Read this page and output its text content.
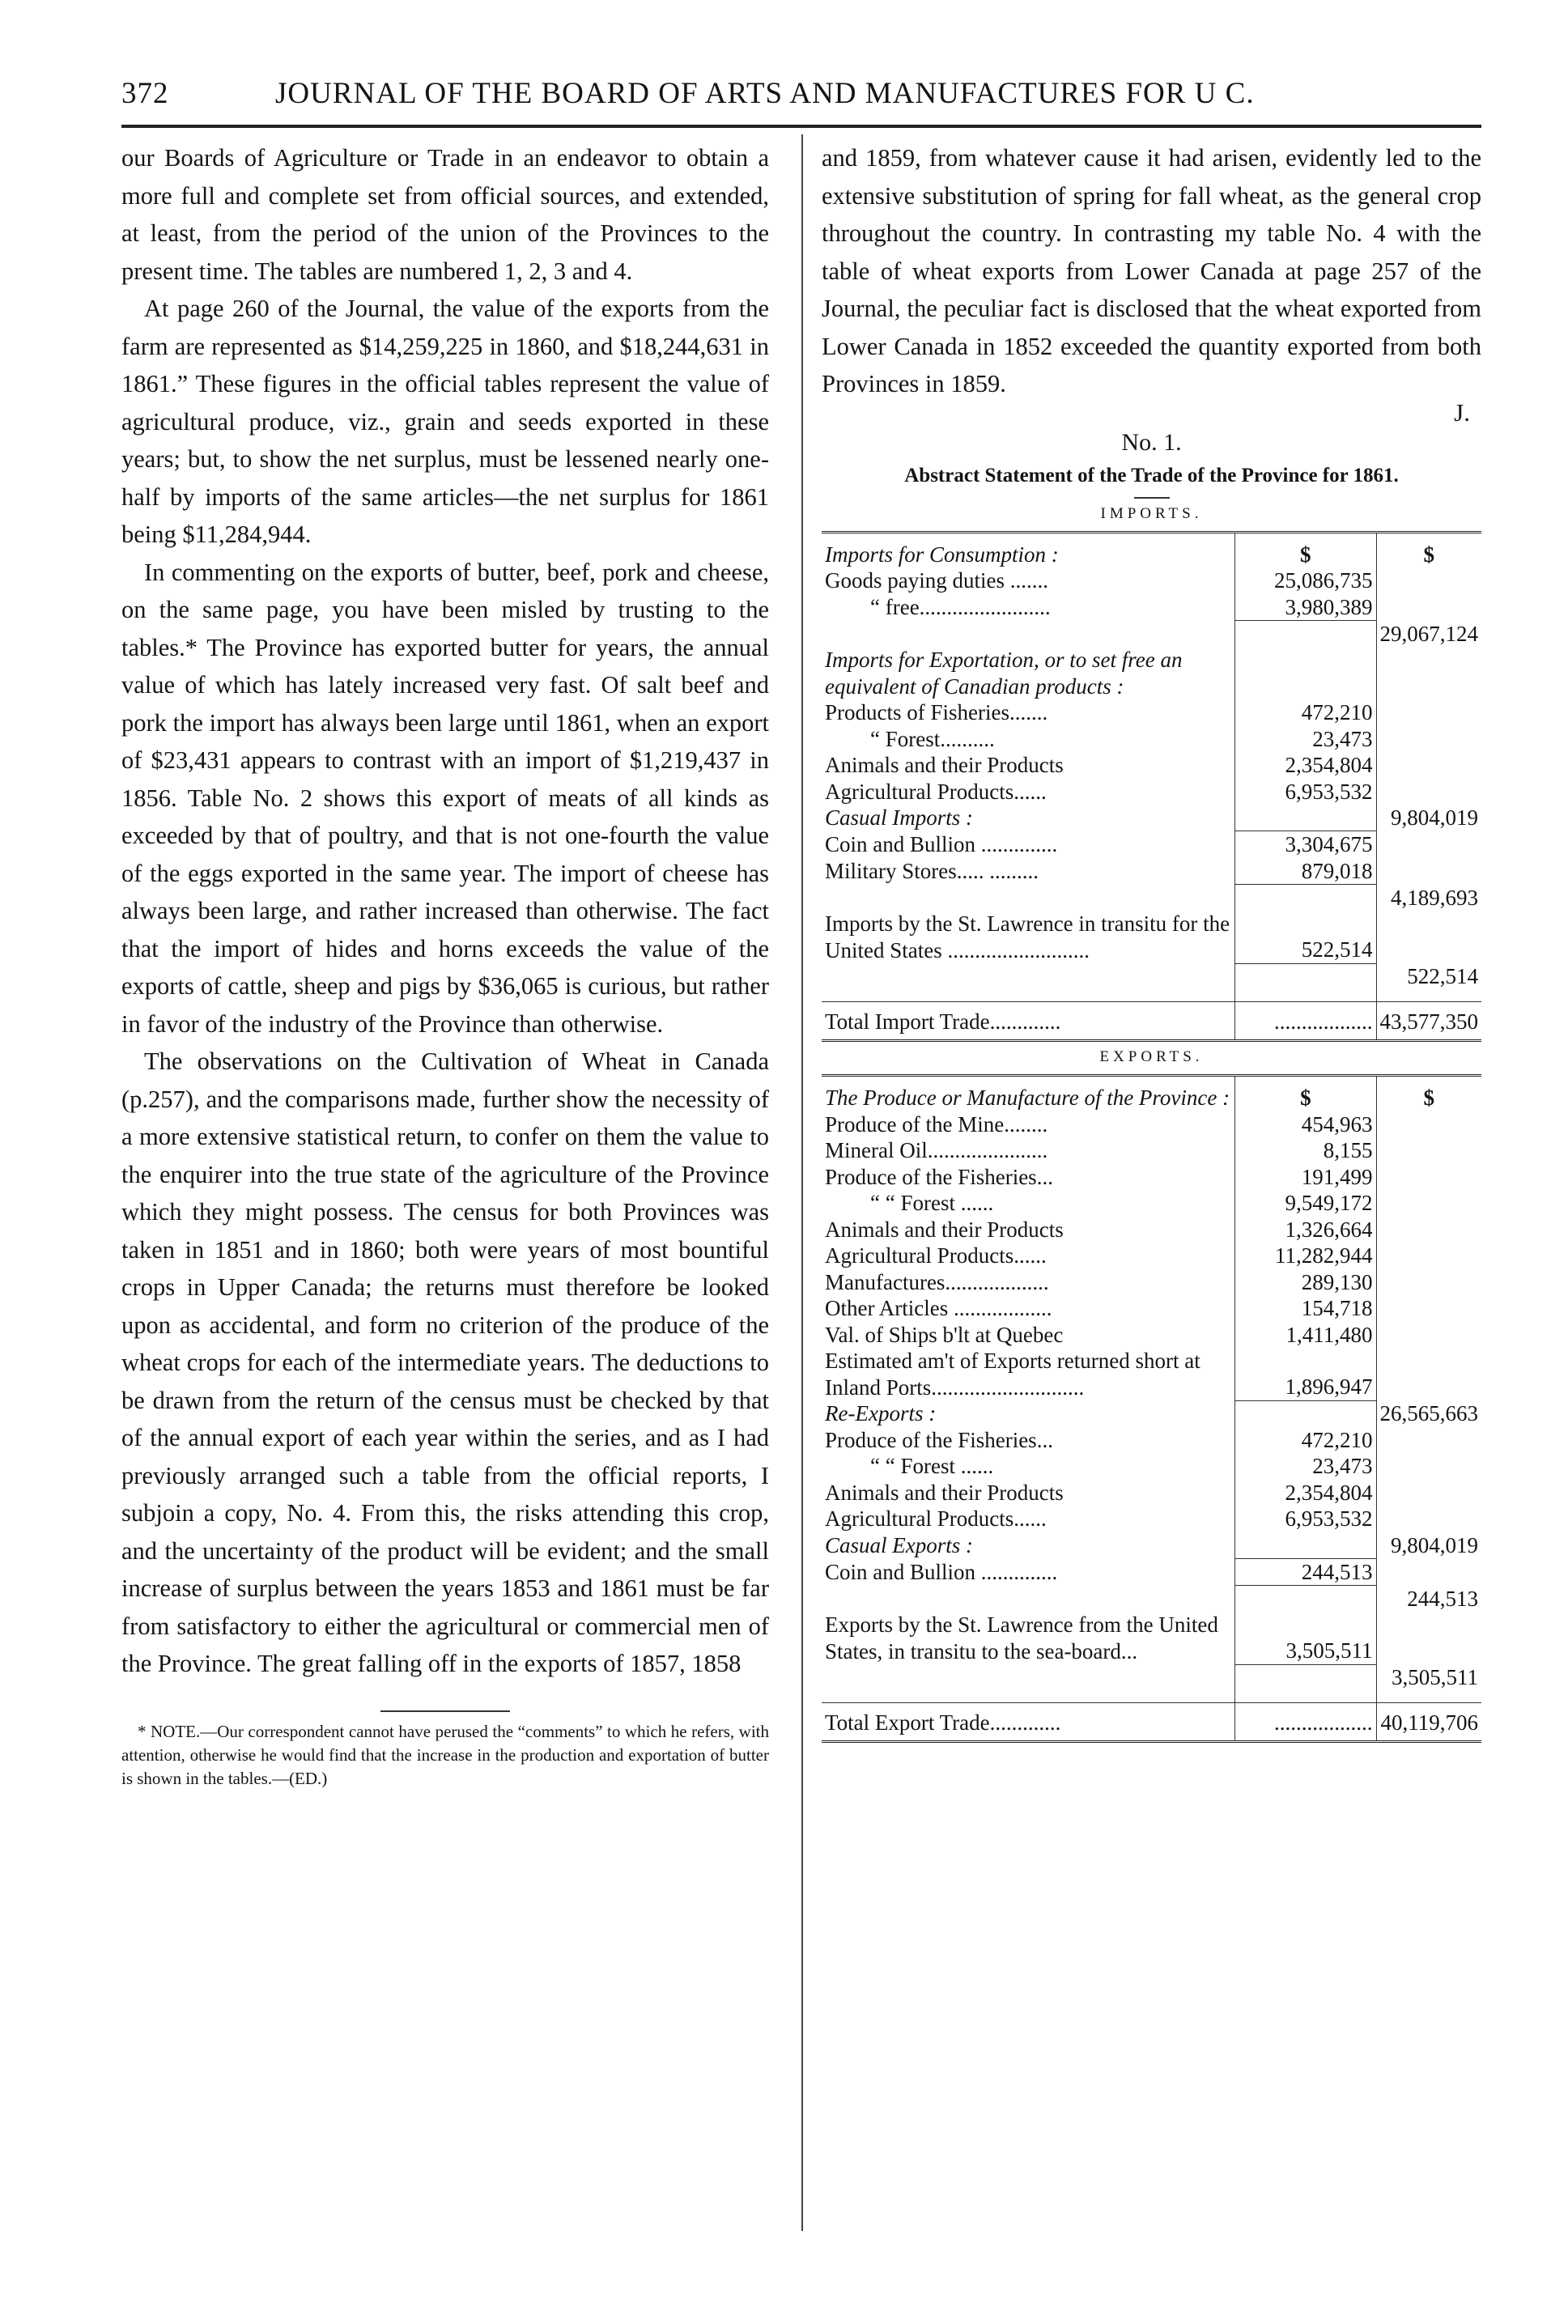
372	JOURNAL OF THE BOARD OF ARTS AND MANUFACTURES FOR U C.

our Boards of Agriculture or Trade in an endeavor to obtain a more full and complete set from official sources, and extended, at least, from the period of the union of the Provinces to the present time. The tables are numbered 1, 2, 3 and 4.

At page 260 of the Journal, the value of the exports from the farm are represented as $14,259,225 in 1860, and $18,244,631 in 1861.” These figures in the official tables represent the value of agricultural produce, viz., grain and seeds exported in these years; but, to show the net surplus, must be lessened nearly one-half by imports of the same articles—the net surplus for 1861 being $11,284,944.

In commenting on the exports of butter, beef, pork and cheese, on the same page, you have been misled by trusting to the tables.* The Province has exported butter for years, the annual value of which has lately increased very fast. Of salt beef and pork the import has always been large until 1861, when an export of $23,431 appears to contrast with an import of $1,219,437 in 1856. Table No. 2 shows this export of meats of all kinds as exceeded by that of poultry, and that is not one-fourth the value of the eggs exported in the same year. The import of cheese has always been large, and rather increased than otherwise. The fact that the import of hides and horns exceeds the value of the exports of cattle, sheep and pigs by $36,065 is curious, but rather in favor of the industry of the Province than otherwise.

The observations on the Cultivation of Wheat in Canada (p.257), and the comparisons made, further show the necessity of a more extensive statistical return, to confer on them the value to the enquirer into the true state of the agriculture of the Province which they might possess. The census for both Provinces was taken in 1851 and in 1860; both were years of most bountiful crops in Upper Canada; the returns must therefore be looked upon as accidental, and form no criterion of the produce of the wheat crops for each of the intermediate years. The deductions to be drawn from the return of the census must be checked by that of the annual export of each year within the series, and as I had previously arranged such a table from the official reports, I subjoin a copy, No. 4. From this, the risks attending this crop, and the uncertainty of the product will be evident; and the small increase of surplus between the years 1853 and 1861 must be far from satisfactory to either the agricultural or commercial men of the Province. The great falling off in the exports of 1857, 1858

* NOTE.—Our correspondent cannot have perused the “comments” to which he refers, with attention, otherwise he would find that the increase in the production and exportation of butter is shown in the tables.—(ED.)

and 1859, from whatever cause it had arisen, evidently led to the extensive substitution of spring for fall wheat, as the general crop throughout the country. In contrasting my table No. 4 with the table of wheat exports from Lower Canada at page 257 of the Journal, the peculiar fact is disclosed that the wheat exported from Lower Canada in 1852 exceeded the quantity exported from both Provinces in 1859.

J.
No. 1.
Abstract Statement of the Trade of the Province for 1861.
IMPORTS.
Imports for Consumption :	$	$
Goods paying duties .......	25,086,735	
“ free........................	3,980,389	
		29,067,124
Imports for Exportation, or to set free an equivalent of Canadian products :		
Products of Fisheries.......	472,210	
“ Forest..........	23,473	
Animals and their Products	2,354,804	
Agricultural Products......	6,953,532	
Casual Imports :		9,804,019
Coin and Bullion ..............	3,304,675	
Military Stores..... .........	879,018	
		4,189,693
Imports by the St. Lawrence in transitu for the United States ..........................	522,514	
		522,514

Total Import Trade.............	..................	43,577,350
EXPORTS.
The Produce or Manufacture of the Province :	$	$
Produce of the Mine........	454,963	
Mineral Oil......................	8,155	
Produce of the Fisheries...	191,499	
“ “ Forest ......	9,549,172	
Animals and their Products	1,326,664	
Agricultural Products......	11,282,944	
Manufactures...................	289,130	
Other Articles ..................	154,718	
Val. of Ships b'lt at Quebec	1,411,480	
Estimated am't of Exports returned short at Inland Ports............................	1,896,947	
Re-Exports :		26,565,663
Produce of the Fisheries...	472,210	
“ “ Forest ......	23,473	
Animals and their Products	2,354,804	
Agricultural Products......	6,953,532	
Casual Exports :		9,804,019
Coin and Bullion ..............	244,513	
		244,513
Exports by the St. Lawrence from the United States, in transitu to the sea-board...	3,505,511	
		3,505,511

Total Export Trade.............	..................	40,119,706
